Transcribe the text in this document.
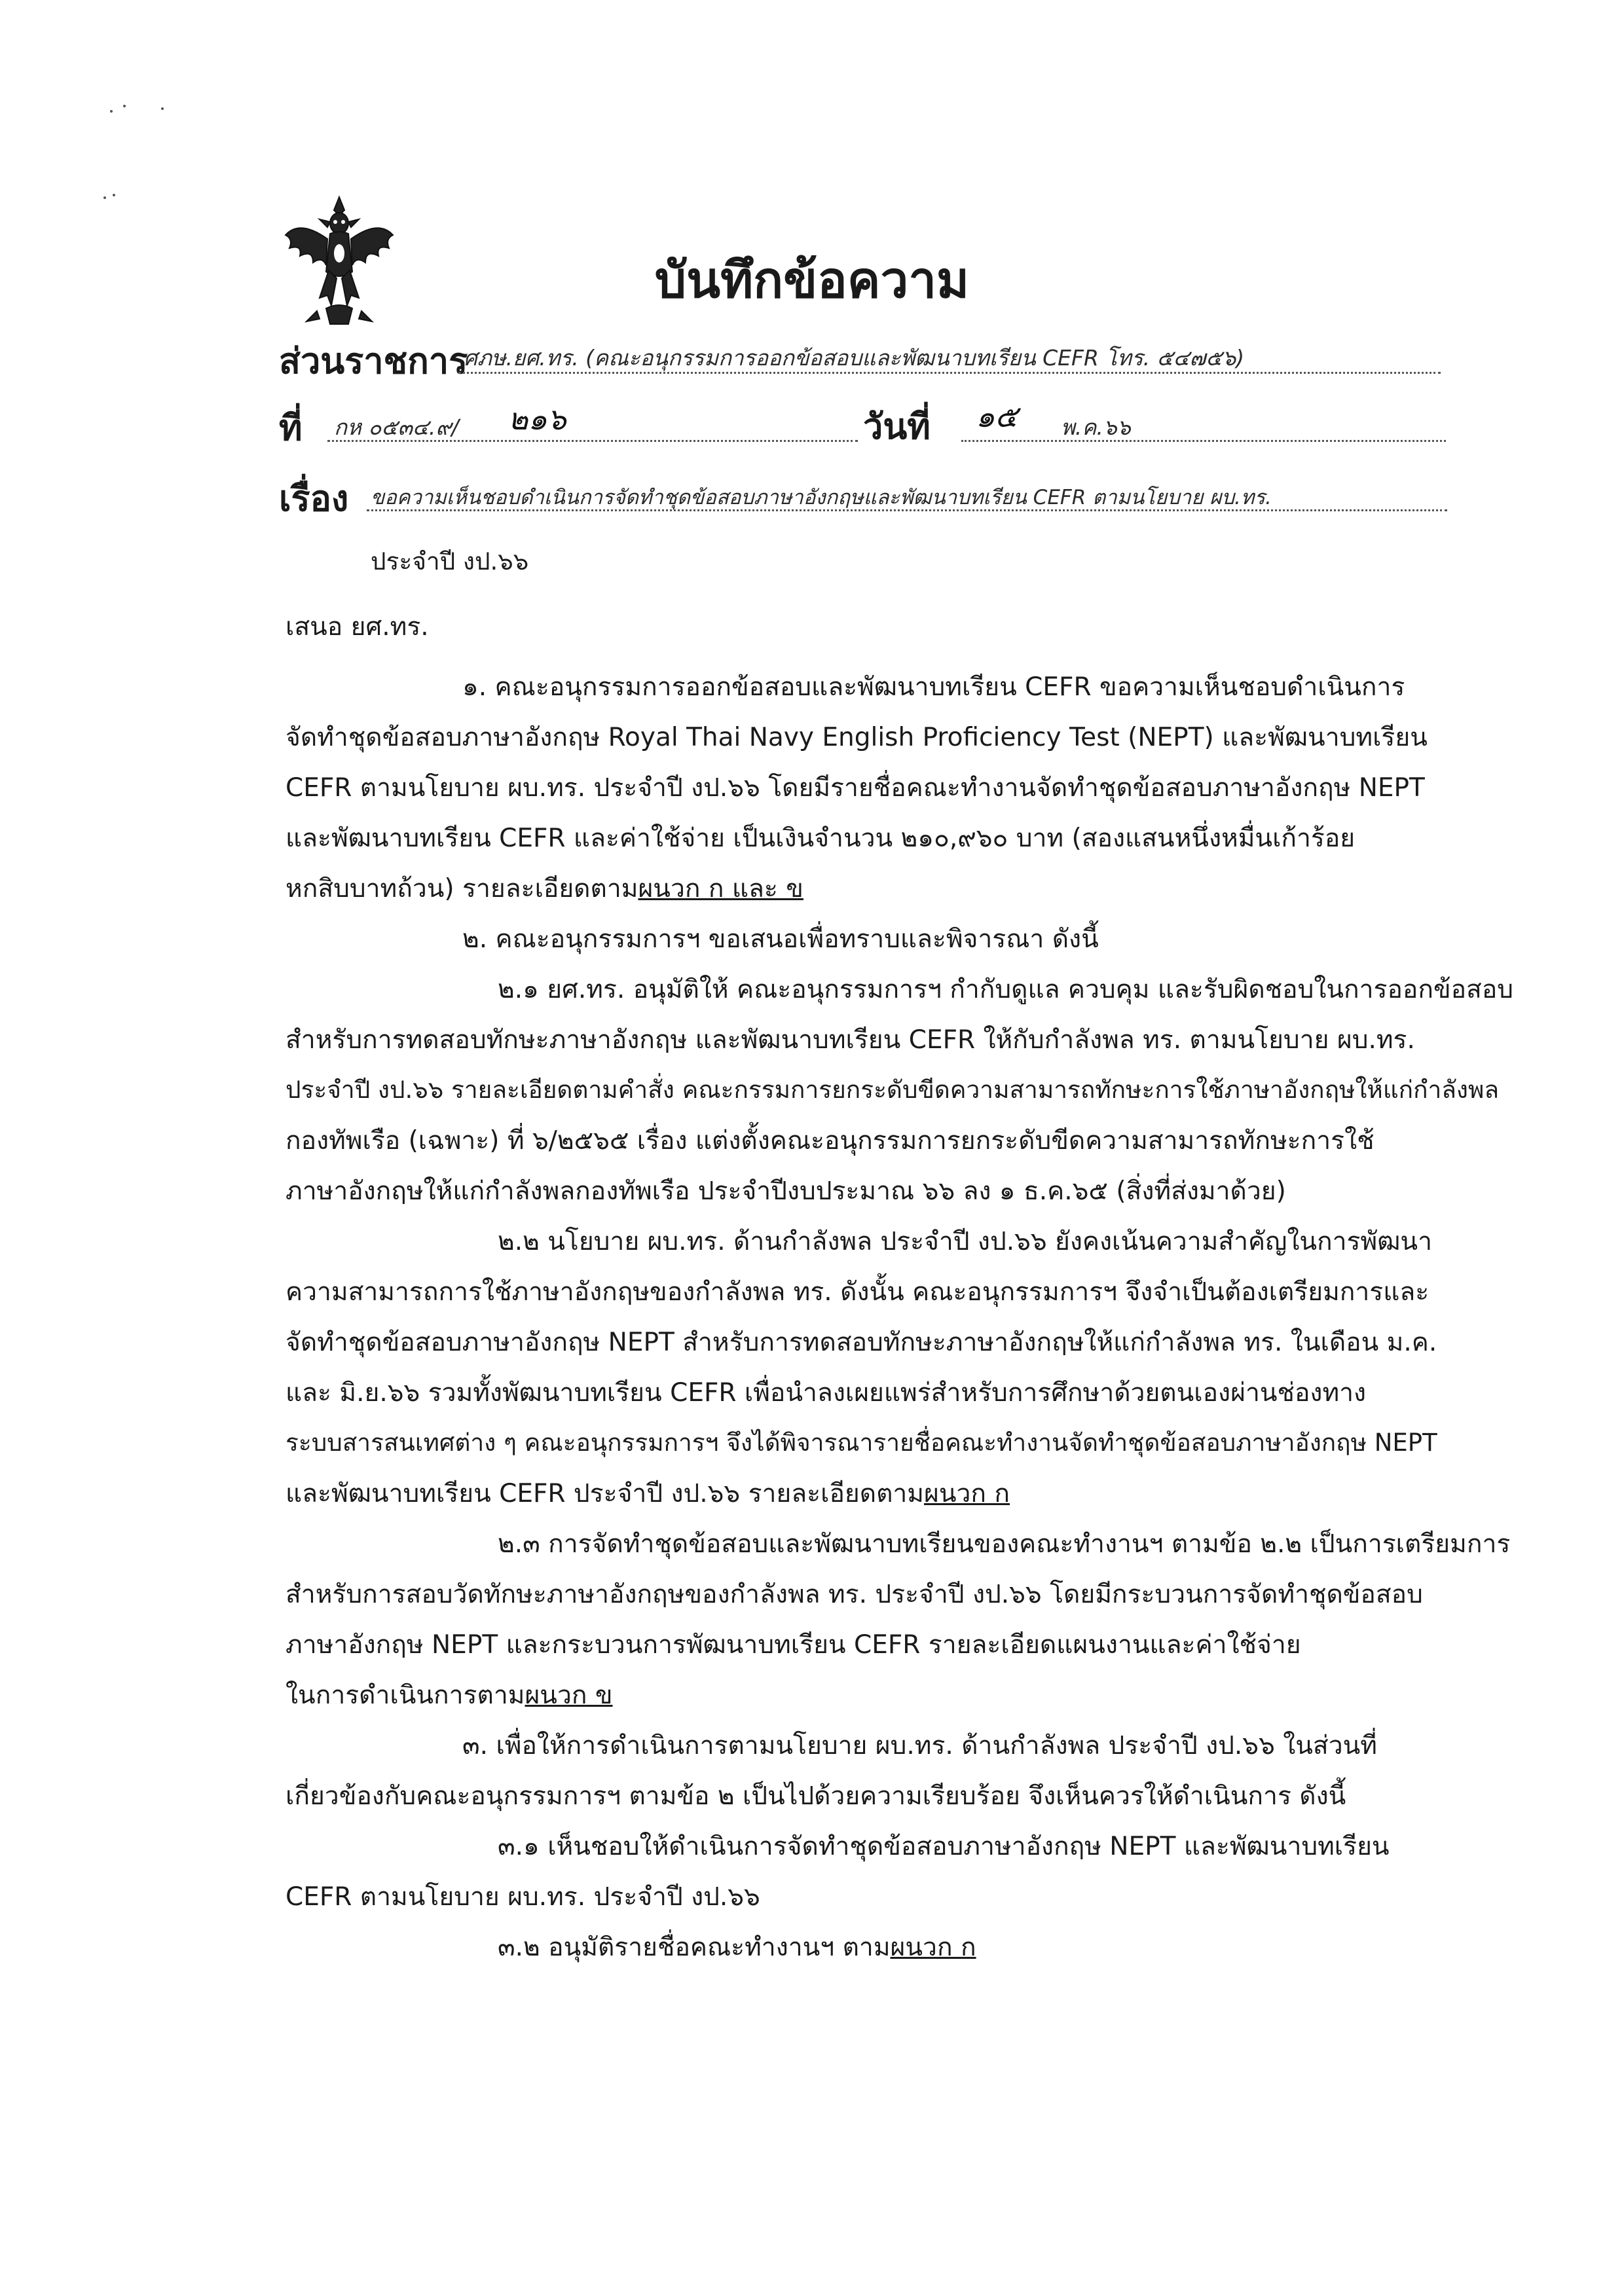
บันทึกข้อความ
ส่วนราชการ
ศภษ.ยศ.ทร. (คณะอนุกรรมการออกข้อสอบและพัฒนาบทเรียน CEFR โทร. ๕๔๗๕๖)
ที่ กห ๐๕๓๔.๙/ ๒๑๖	วันที่ ๑๕ พ.ค.๖๖
เรื่อง ขอความเห็นชอบดำเนินการจัดทำชุดข้อสอบภาษาอังกฤษและพัฒนาบทเรียน CEFR ตามนโยบาย ผบ.ทร.
ประจำปี งป.๖๖
เสนอ ยศ.ทร.
๑. คณะอนุกรรมการออกข้อสอบและพัฒนาบทเรียน CEFR ขอความเห็นชอบดำเนินการ
จัดทำชุดข้อสอบภาษาอังกฤษ Royal Thai Navy English Proficiency Test (NEPT) และพัฒนาบทเรียน
CEFR ตามนโยบาย ผบ.ทร. ประจำปี งป.๖๖ โดยมีรายชื่อคณะทำงานจัดทำชุดข้อสอบภาษาอังกฤษ NEPT
และพัฒนาบทเรียน CEFR และค่าใช้จ่าย เป็นเงินจำนวน ๒๑๐,๙๖๐ บาท (สองแสนหนึ่งหมื่นเก้าร้อย
หกสิบบาทถ้วน) รายละเอียดตามผนวก ก และ ข
๒. คณะอนุกรรมการฯ ขอเสนอเพื่อทราบและพิจารณา ดังนี้
๒.๑ ยศ.ทร. อนุมัติให้ คณะอนุกรรมการฯ กำกับดูแล ควบคุม และรับผิดชอบในการออกข้อสอบ
สำหรับการทดสอบทักษะภาษาอังกฤษ และพัฒนาบทเรียน CEFR ให้กับกำลังพล ทร. ตามนโยบาย ผบ.ทร.
ประจำปี งป.๖๖ รายละเอียดตามคำสั่ง คณะกรรมการยกระดับขีดความสามารถทักษะการใช้ภาษาอังกฤษให้แก่กำลังพล
กองทัพเรือ (เฉพาะ) ที่ ๖/๒๕๖๕ เรื่อง แต่งตั้งคณะอนุกรรมการยกระดับขีดความสามารถทักษะการใช้
ภาษาอังกฤษให้แก่กำลังพลกองทัพเรือ ประจำปีงบประมาณ ๖๖ ลง ๑ ธ.ค.๖๕ (สิ่งที่ส่งมาด้วย)
๒.๒ นโยบาย ผบ.ทร. ด้านกำลังพล ประจำปี งป.๖๖ ยังคงเน้นความสำคัญในการพัฒนา
ความสามารถการใช้ภาษาอังกฤษของกำลังพล ทร. ดังนั้น คณะอนุกรรมการฯ จึงจำเป็นต้องเตรียมการและ
จัดทำชุดข้อสอบภาษาอังกฤษ NEPT สำหรับการทดสอบทักษะภาษาอังกฤษให้แก่กำลังพล ทร. ในเดือน ม.ค.
และ มิ.ย.๖๖ รวมทั้งพัฒนาบทเรียน CEFR เพื่อนำลงเผยแพร่สำหรับการศึกษาด้วยตนเองผ่านช่องทาง
ระบบสารสนเทศต่าง ๆ คณะอนุกรรมการฯ จึงได้พิจารณารายชื่อคณะทำงานจัดทำชุดข้อสอบภาษาอังกฤษ NEPT
และพัฒนาบทเรียน CEFR ประจำปี งป.๖๖ รายละเอียดตามผนวก ก
๒.๓ การจัดทำชุดข้อสอบและพัฒนาบทเรียนของคณะทำงานฯ ตามข้อ ๒.๒ เป็นการเตรียมการ
สำหรับการสอบวัดทักษะภาษาอังกฤษของกำลังพล ทร. ประจำปี งป.๖๖ โดยมีกระบวนการจัดทำชุดข้อสอบ
ภาษาอังกฤษ NEPT และกระบวนการพัฒนาบทเรียน CEFR รายละเอียดแผนงานและค่าใช้จ่าย
ในการดำเนินการตามผนวก ข
๓. เพื่อให้การดำเนินการตามนโยบาย ผบ.ทร. ด้านกำลังพล ประจำปี งป.๖๖ ในส่วนที่
เกี่ยวข้องกับคณะอนุกรรมการฯ ตามข้อ ๒ เป็นไปด้วยความเรียบร้อย จึงเห็นควรให้ดำเนินการ ดังนี้
๓.๑ เห็นชอบให้ดำเนินการจัดทำชุดข้อสอบภาษาอังกฤษ NEPT และพัฒนาบทเรียน
CEFR ตามนโยบาย ผบ.ทร. ประจำปี งป.๖๖
๓.๒ อนุมัติรายชื่อคณะทำงานฯ ตามผนวก ก
